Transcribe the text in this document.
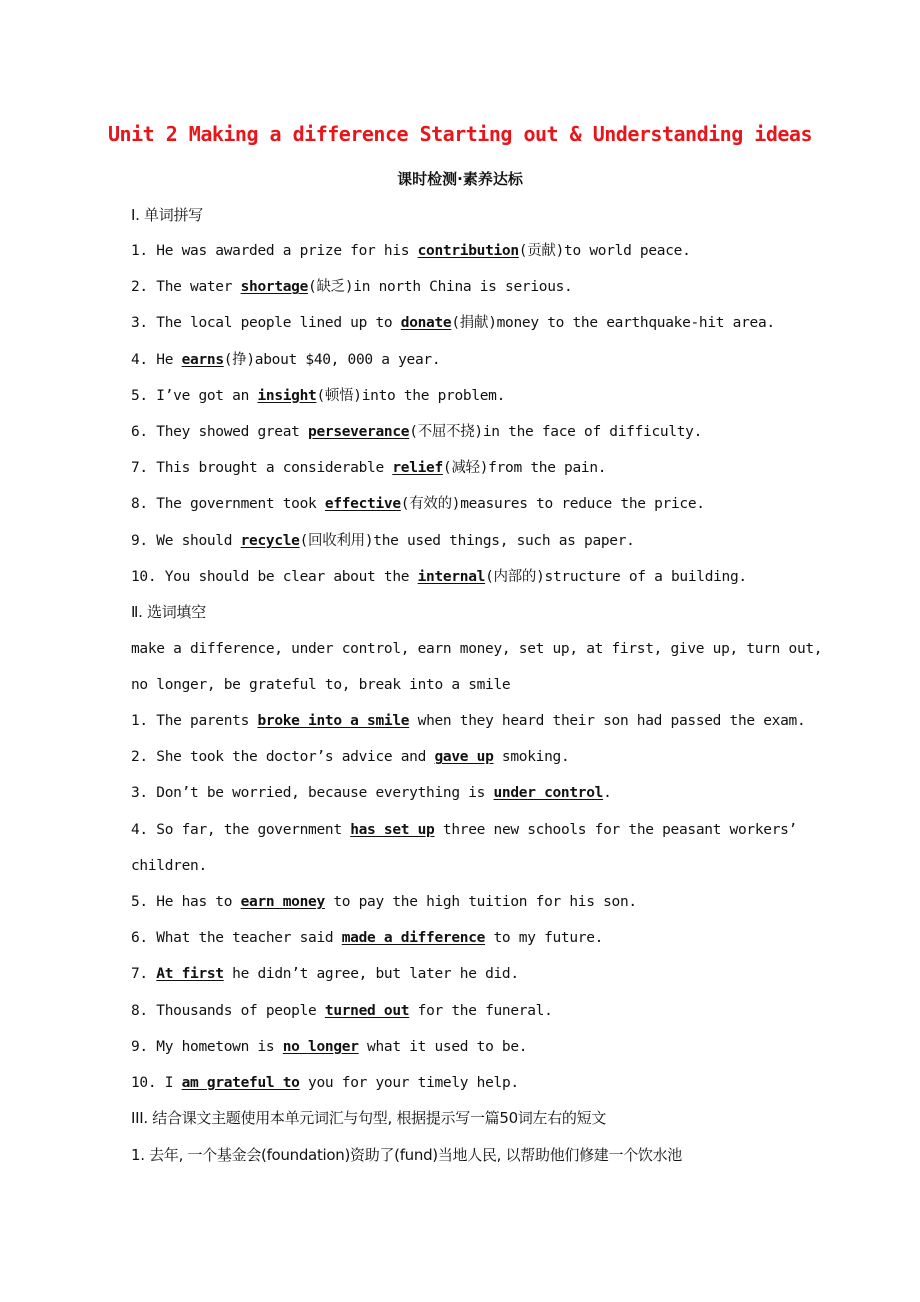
Unit 2 Making a difference Starting out & Understanding ideas
课时检测·素养达标
Ⅰ. 单词拼写
1. He was awarded a prize for his contribution(贡献)to world peace.
2. The water shortage(缺乏)in north China is serious.
3. The local people lined up to donate(捐献)money to the earthquake-hit area.
4. He earns(挣)about $40, 000 a year.
5. I’ve got an insight(顿悟)into the problem.
6. They showed great perseverance(不屈不挠)in the face of difficulty.
7. This brought a considerable relief(减轻)from the pain.
8. The government took effective(有效的)measures to reduce the price.
9. We should recycle(回收利用)the used things, such as paper.
10. You should be clear about the internal(内部的)structure of a building.
Ⅱ. 选词填空
make a difference, under control, earn money, set up, at first, give up, turn out,
no longer, be grateful to, break into a smile
1. The parents broke into a smile when they heard their son had passed the exam.
2. She took the doctor’s advice and gave up smoking.
3. Don’t be worried, because everything is under control.
4. So far, the government has set up three new schools for the peasant workers’
children.
5. He has to earn money to pay the high tuition for his son.
6. What the teacher said made a difference to my future.
7. At first he didn’t agree, but later he did.
8. Thousands of people turned out for the funeral.
9. My hometown is no longer what it used to be.
10. I am grateful to you for your timely help.
III. 结合课文主题使用本单元词汇与句型, 根据提示写一篇50词左右的短文
1. 去年, 一个基金会(foundation)资助了(fund)当地人民, 以帮助他们修建一个饮水池
